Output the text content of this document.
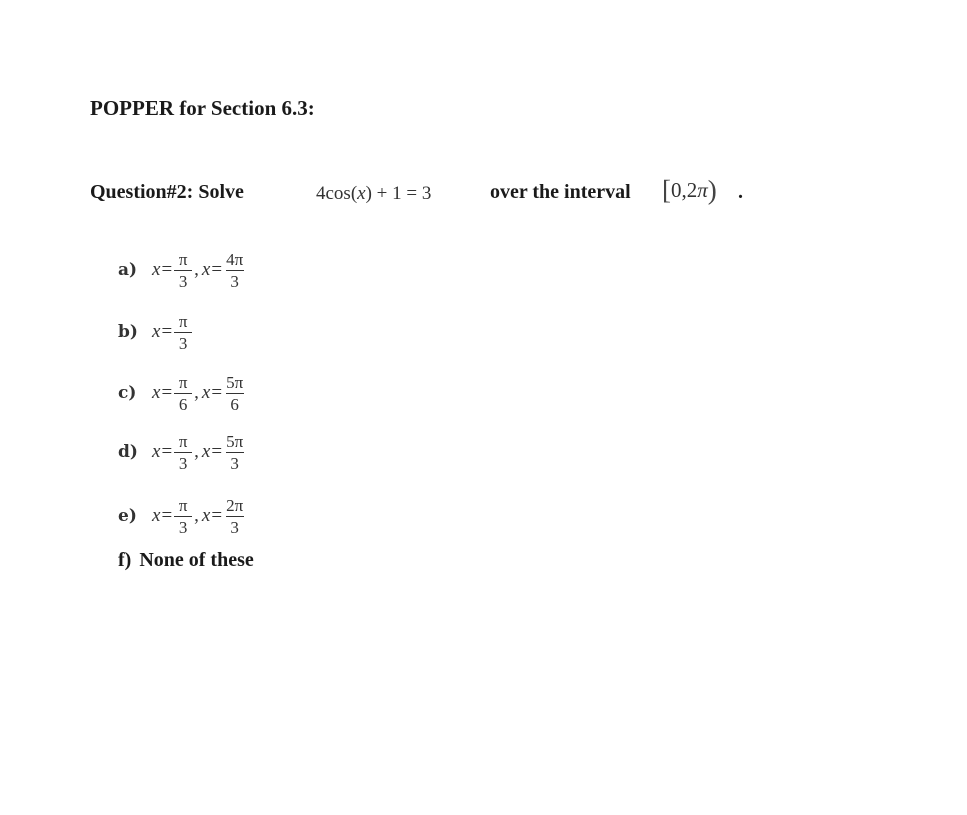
POPPER for Section 6.3:
Question#2: Solve	4cos(x) + 1 = 3	over the interval [0,2π) .
a) $x = \frac{\pi}{3}$ , $x = \frac{4\pi}{3}$
b) $x = \frac{\pi}{3}$
c) $x = \frac{\pi}{6}$ , $x = \frac{5\pi}{6}$
d) $x = \frac{\pi}{3}$ , $x = \frac{5\pi}{3}$
e) $x = \frac{\pi}{3}$ , $x = \frac{2\pi}{3}$
f) None of these
